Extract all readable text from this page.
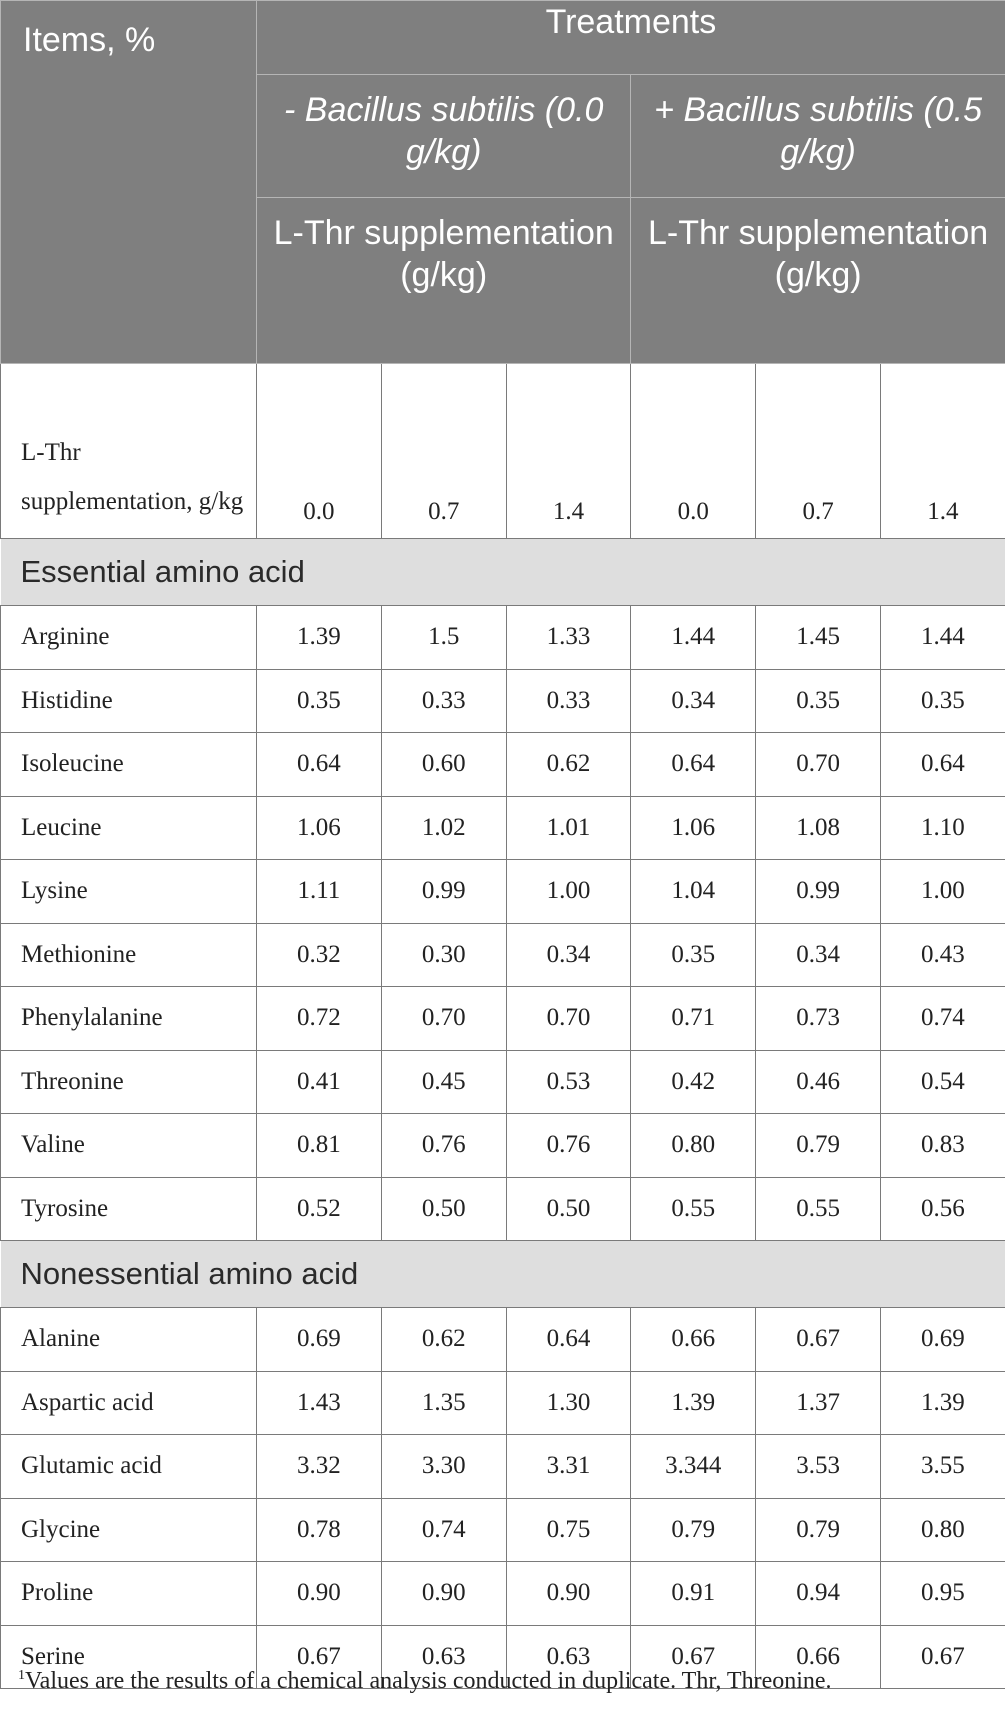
Items, %	Treatments					
	- Bacillus subtilis (0.0 g/kg)			+ Bacillus subtilis (0.5 g/kg)		
	L-Thr supplementation (g/kg)			L-Thr supplementation (g/kg)		
L-Thr supplementation, g/kg	0.0	0.7	1.4	0.0	0.7	1.4
Essential amino acid						
Arginine	1.39	1.5	1.33	1.44	1.45	1.44
Histidine	0.35	0.33	0.33	0.34	0.35	0.35
Isoleucine	0.64	0.60	0.62	0.64	0.70	0.64
Leucine	1.06	1.02	1.01	1.06	1.08	1.10
Lysine	1.11	0.99	1.00	1.04	0.99	1.00
Methionine	0.32	0.30	0.34	0.35	0.34	0.43
Phenylalanine	0.72	0.70	0.70	0.71	0.73	0.74
Threonine	0.41	0.45	0.53	0.42	0.46	0.54
Valine	0.81	0.76	0.76	0.80	0.79	0.83
Tyrosine	0.52	0.50	0.50	0.55	0.55	0.56
Nonessential amino acid						
Alanine	0.69	0.62	0.64	0.66	0.67	0.69
Aspartic acid	1.43	1.35	1.30	1.39	1.37	1.39
Glutamic acid	3.32	3.30	3.31	3.344	3.53	3.55
Glycine	0.78	0.74	0.75	0.79	0.79	0.80
Proline	0.90	0.90	0.90	0.91	0.94	0.95
Serine	0.67	0.63	0.63	0.67	0.66	0.67
$^1$Values are the results of a chemical analysis conducted in duplicate. Thr, Threonine.
